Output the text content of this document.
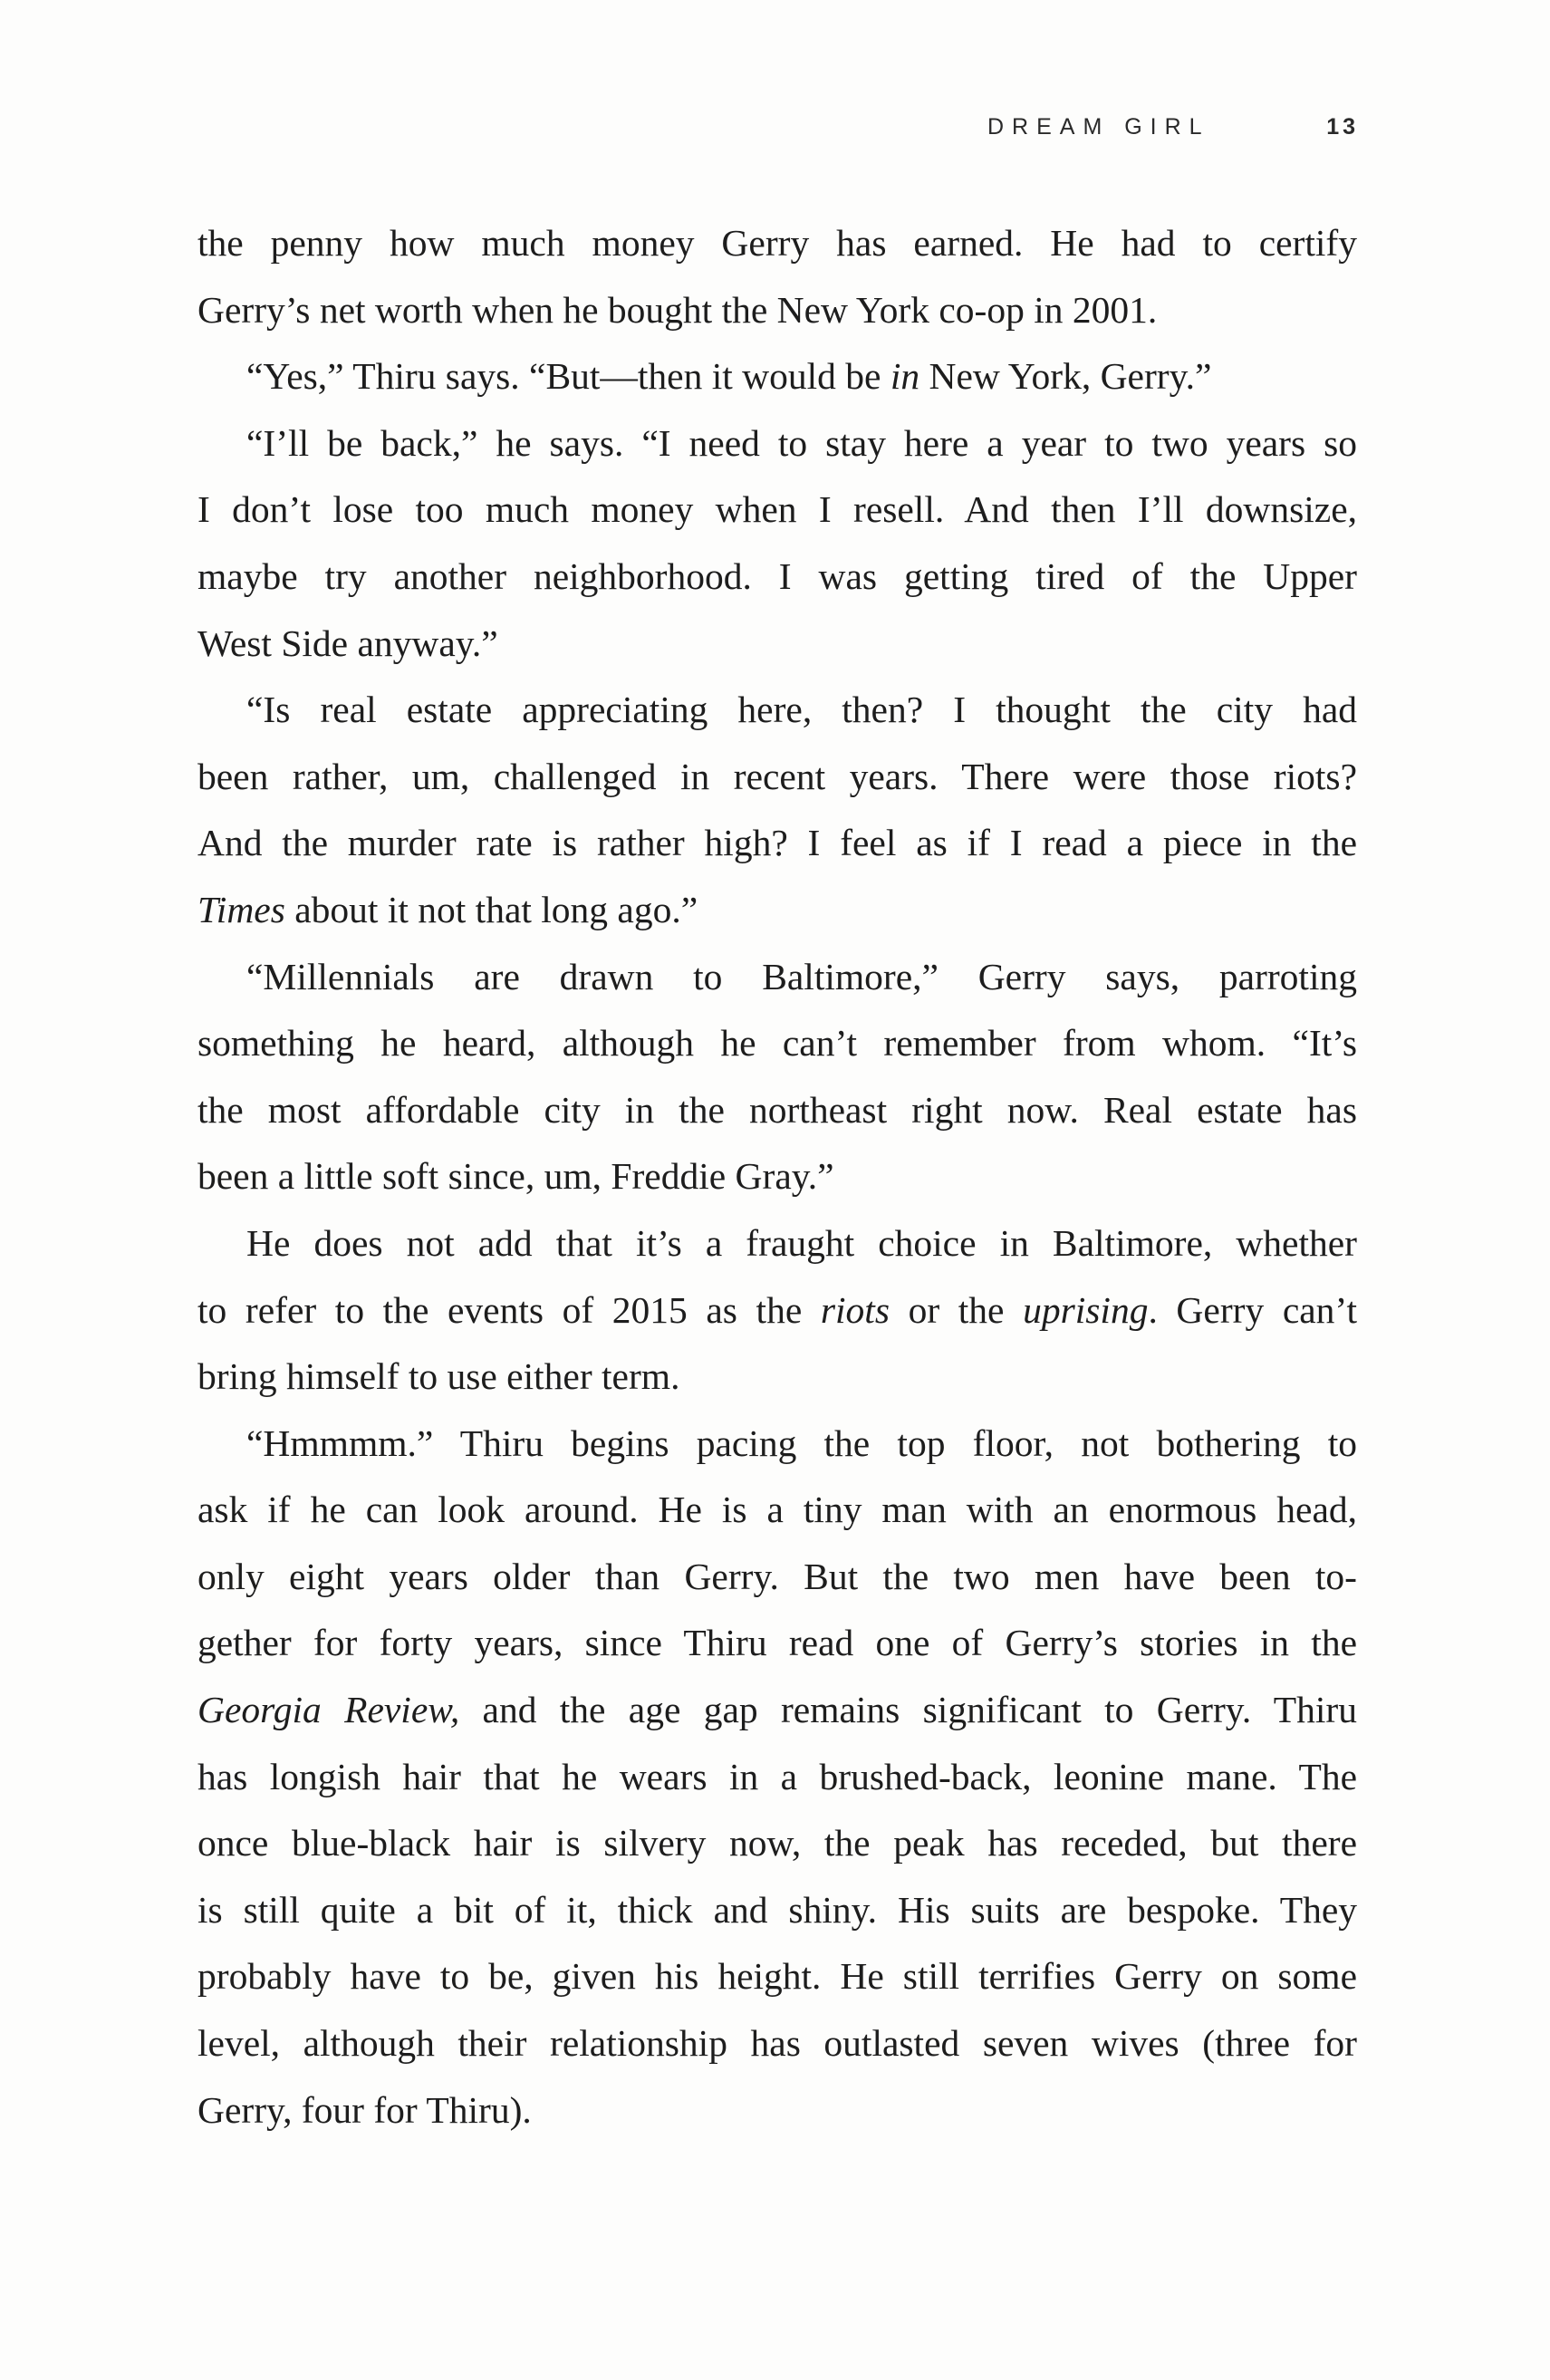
DREAM GIRL	13
the penny how much money Gerry has earned. He had to certify
Gerry’s net worth when he bought the New York co-op in 2001.
“Yes,” Thiru says. “But—then it would be in New York, Gerry.”
“I’ll be back,” he says. “I need to stay here a year to two years so
I don’t lose too much money when I resell. And then I’ll downsize,
maybe try another neighborhood. I was getting tired of the Upper
West Side anyway.”
“Is real estate appreciating here, then? I thought the city had
been rather, um, challenged in recent years. There were those riots?
And the murder rate is rather high? I feel as if I read a piece in the
Times about it not that long ago.”
“Millennials are drawn to Baltimore,” Gerry says, parroting
something he heard, although he can’t remember from whom. “It’s
the most affordable city in the northeast right now. Real estate has
been a little soft since, um, Freddie Gray.”
He does not add that it’s a fraught choice in Baltimore, whether
to refer to the events of 2015 as the riots or the uprising. Gerry can’t
bring himself to use either term.
“Hmmmm.” Thiru begins pacing the top floor, not bothering to
ask if he can look around. He is a tiny man with an enormous head,
only eight years older than Gerry. But the two men have been to-
gether for forty years, since Thiru read one of Gerry’s stories in the
Georgia Review, and the age gap remains significant to Gerry. Thiru
has longish hair that he wears in a brushed-back, leonine mane. The
once blue-black hair is silvery now, the peak has receded, but there
is still quite a bit of it, thick and shiny. His suits are bespoke. They
probably have to be, given his height. He still terrifies Gerry on some
level, although their relationship has outlasted seven wives (three for
Gerry, four for Thiru).
